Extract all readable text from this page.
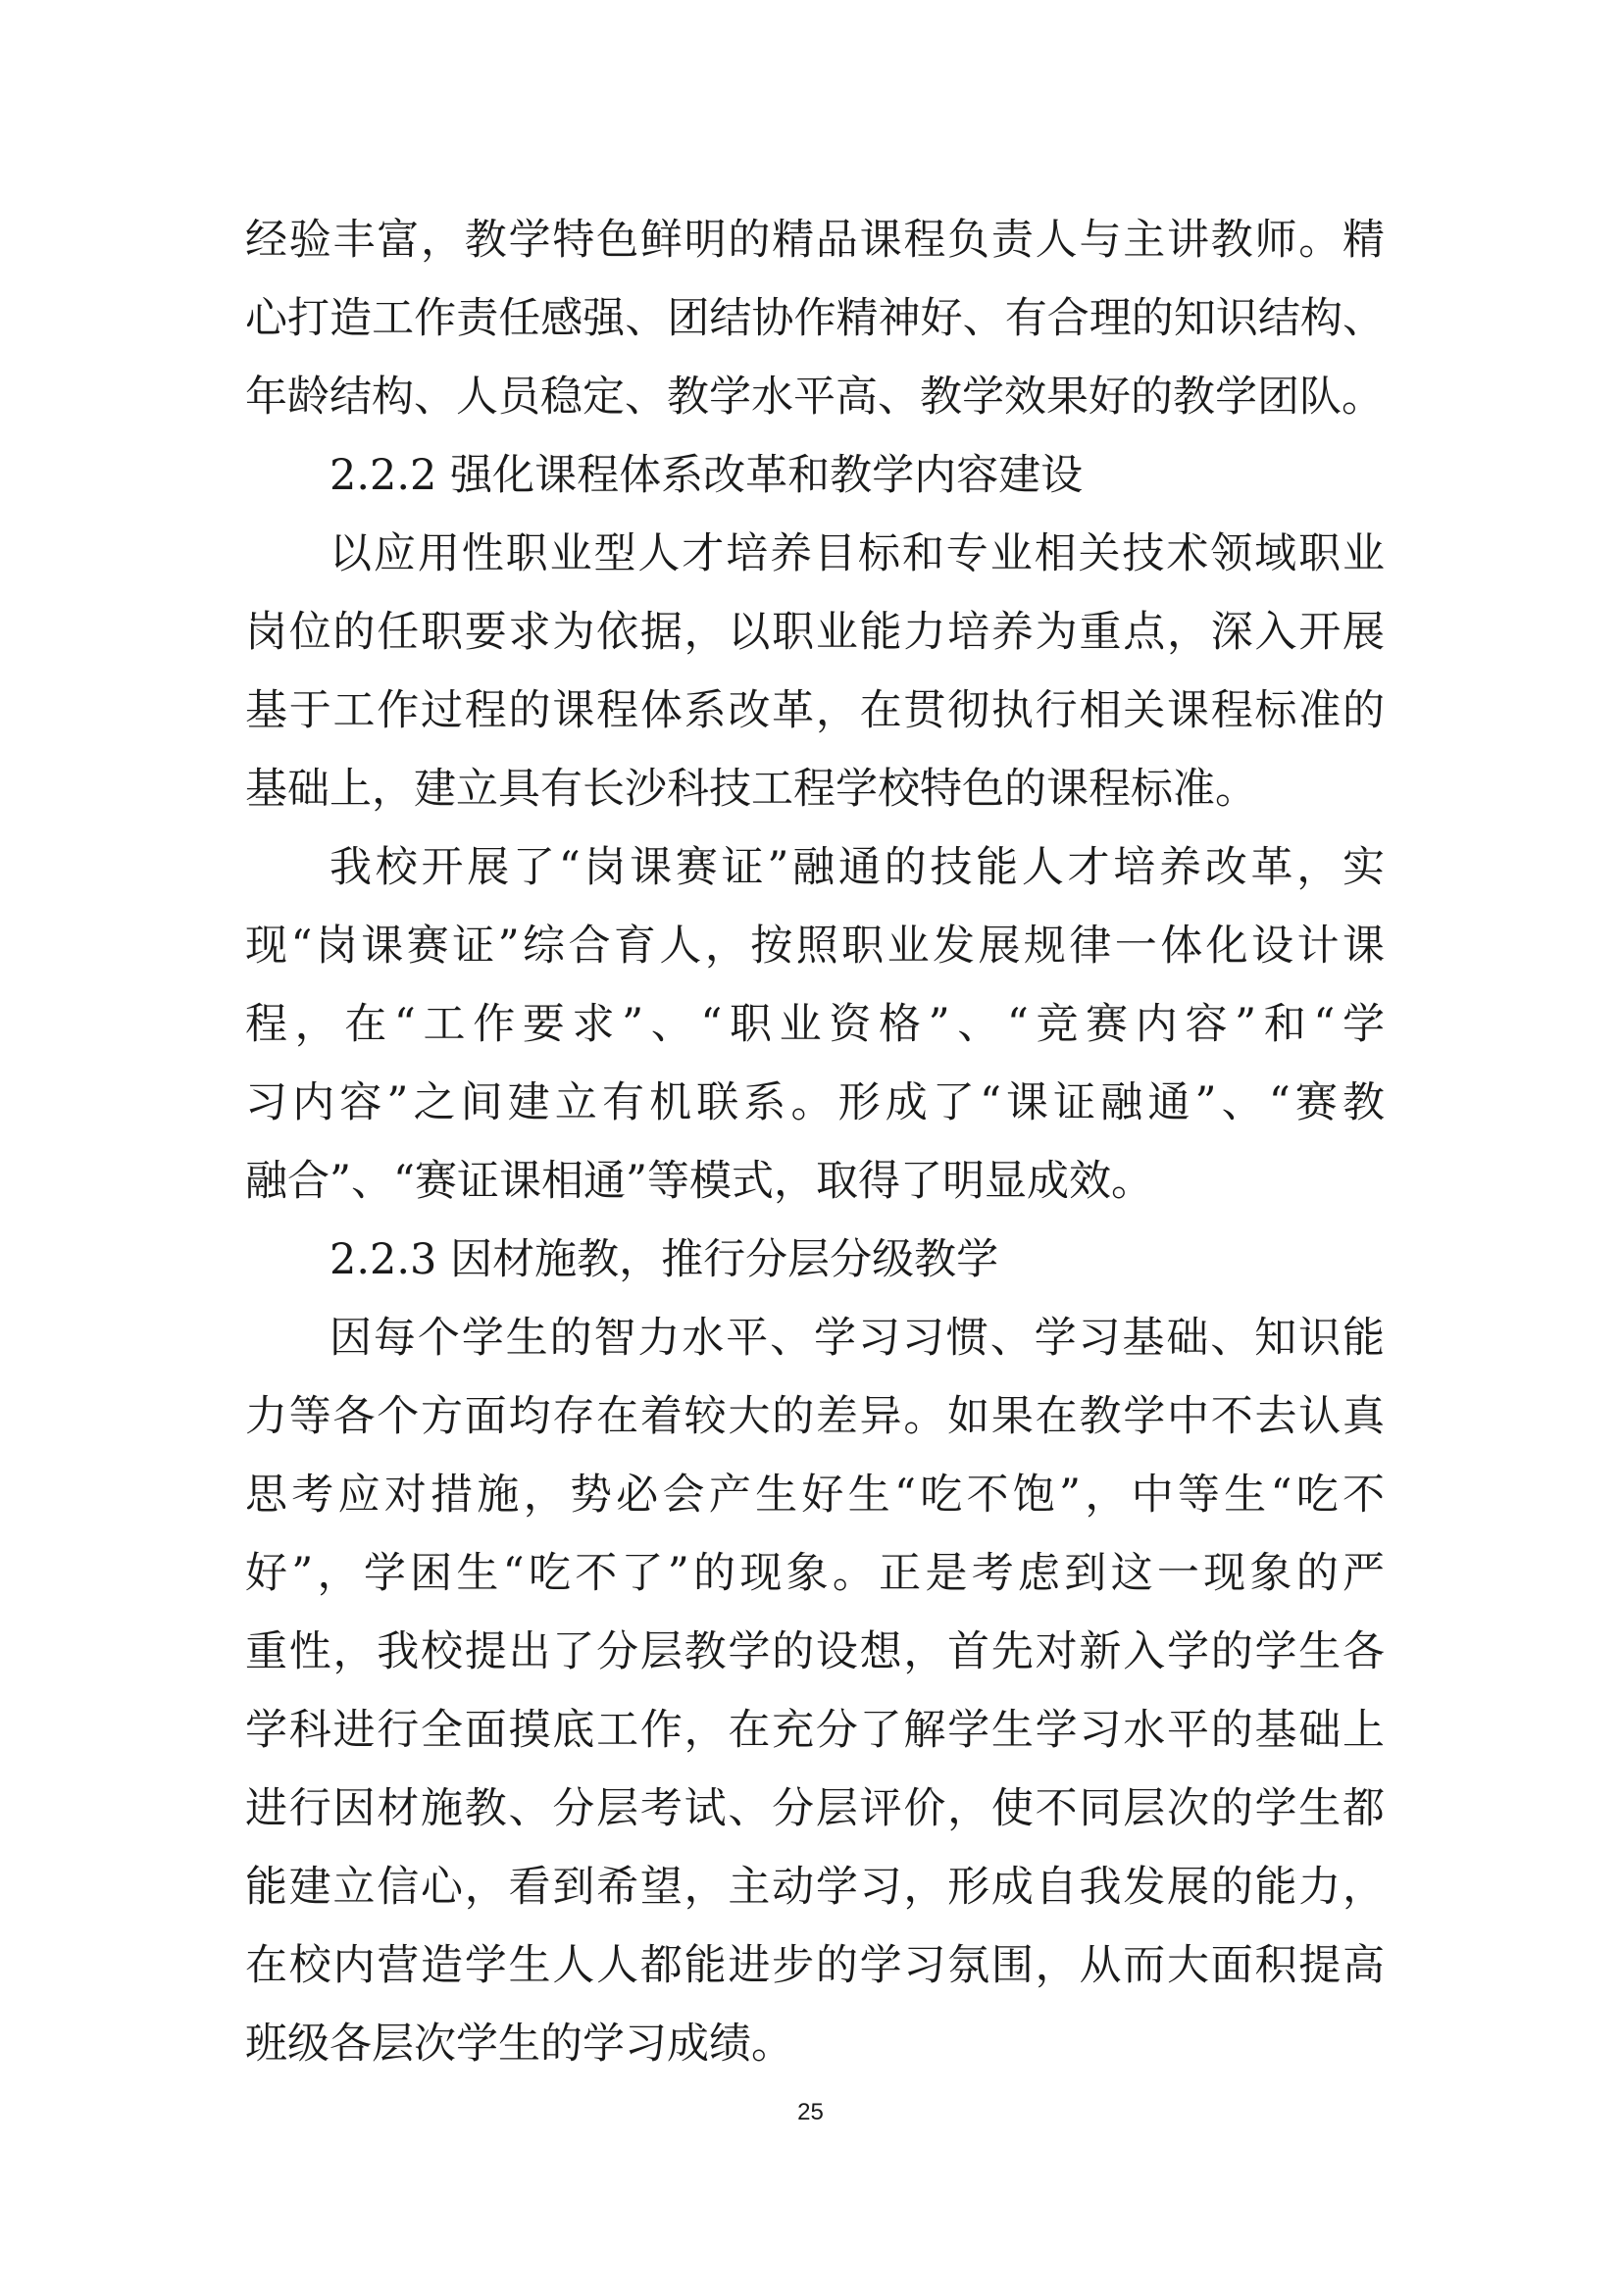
经验丰富，教学特色鲜明的精品课程负责人与主讲教师。精
心打造工作责任感强、团结协作精神好、有合理的知识结构、
年龄结构、人员稳定、教学水平高、教学效果好的教学团队。
2.2.2 强化课程体系改革和教学内容建设
以应用性职业型人才培养目标和专业相关技术领域职业
岗位的任职要求为依据，以职业能力培养为重点，深入开展
基于工作过程的课程体系改革，在贯彻执行相关课程标准的
基础上，建立具有长沙科技工程学校特色的课程标准。
我校开展了“岗课赛证”融通的技能人才培养改革，实
现“岗课赛证”综合育人，按照职业发展规律一体化设计课
程，在“工作要求”、“职业资格”、“竞赛内容”和“学
习内容”之间建立有机联系。形成了“课证融通”、“赛教
融合”、“赛证课相通”等模式，取得了明显成效。
2.2.3 因材施教，推行分层分级教学
因每个学生的智力水平、学习习惯、学习基础、知识能
力等各个方面均存在着较大的差异。如果在教学中不去认真
思考应对措施，势必会产生好生“吃不饱”，中等生“吃不
好”，学困生“吃不了”的现象。正是考虑到这一现象的严
重性，我校提出了分层教学的设想，首先对新入学的学生各
学科进行全面摸底工作，在充分了解学生学习水平的基础上
进行因材施教、分层考试、分层评价，使不同层次的学生都
能建立信心，看到希望，主动学习，形成自我发展的能力，
在校内营造学生人人都能进步的学习氛围，从而大面积提高
班级各层次学生的学习成绩。
25
